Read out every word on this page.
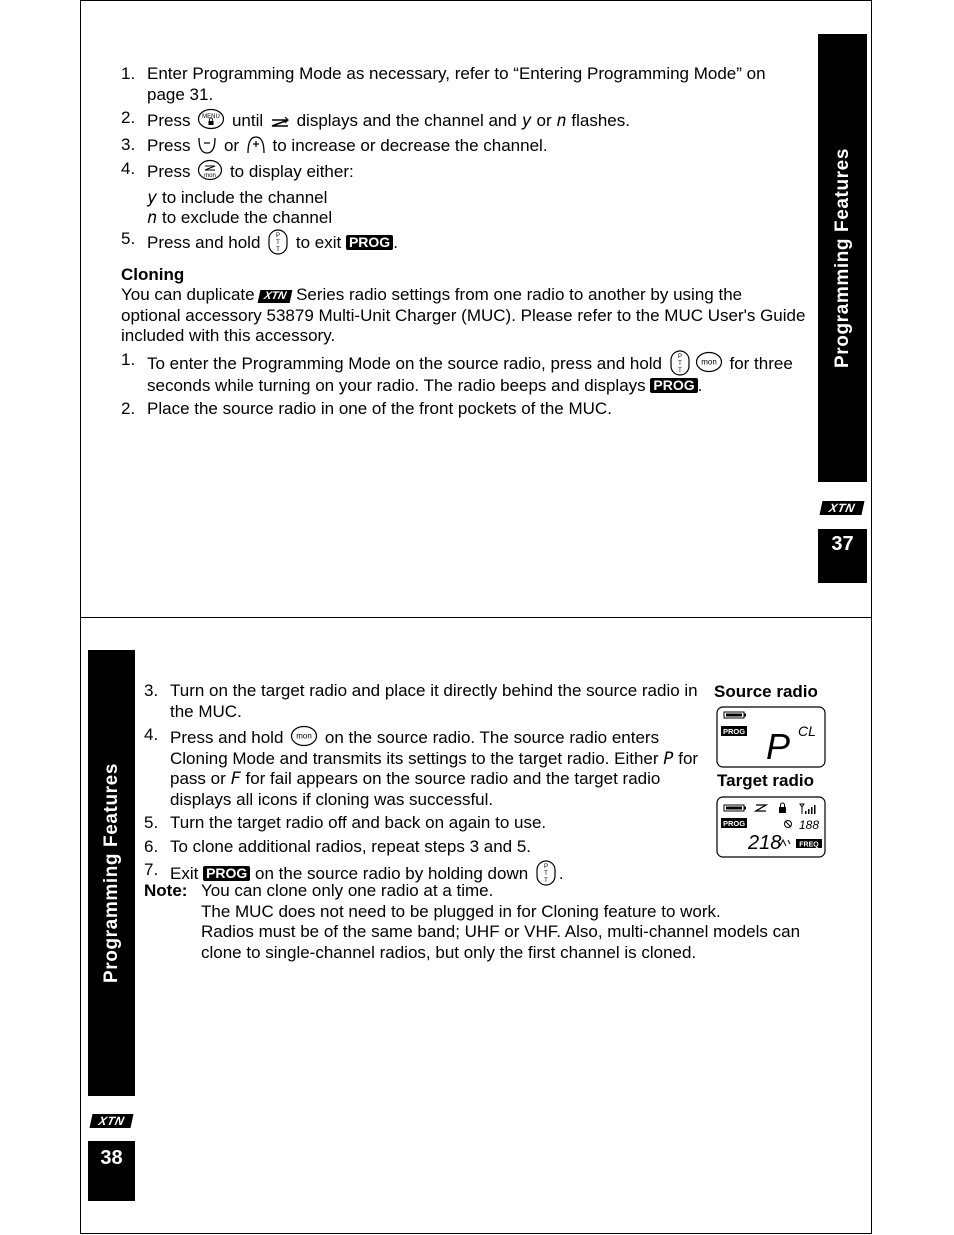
Programming Features
XTN
37
1. Enter Programming Mode as necessary, refer to “Entering Programming Mode” on page 31.
2. Press MENU until displays and the channel and y or n flashes.
3. Press or to increase or decrease the channel.
4. Press mon to display either:
y to include the channel
n to exclude the channel
5. Press and hold	P
T
T to exit PROG .
Cloning
You can duplicate XTN Series radio settings from one radio to another by using the optional accessory 53879 Multi-Unit Charger (MUC). Please refer to the MUC User's Guide included with this accessory.
1. To enter the Programming Mode on the source radio, press and hold	P
T
T
mon for three seconds while turning on your radio. The radio beeps and displays PROG .
2. Place the source radio in one of the front pockets of the MUC.
Programming Features
XTN
38
3. Turn on the target radio and place it directly behind the source radio in the MUC.
4. Press and hold mon on the source radio. The source radio enters Cloning Mode and transmits its settings to the target radio. Either P for pass or F for fail appears on the source radio and the target radio displays all icons if cloning was successful.
5. Turn the target radio off and back on again to use.
6. To clone additional radios, repeat steps 3 and 5.
7. Exit PROG on the source radio by holding down	P
T
T .
Note: You can clone only one radio at a time.
The MUC does not need to be plugged in for Cloning feature to work.
Radios must be of the same band; UHF or VHF. Also, multi-channel models can clone to single-channel radios, but only the first channel is cloned.
Source radio
PROG P CL
Target radio
PROG	188
218	FREQ
